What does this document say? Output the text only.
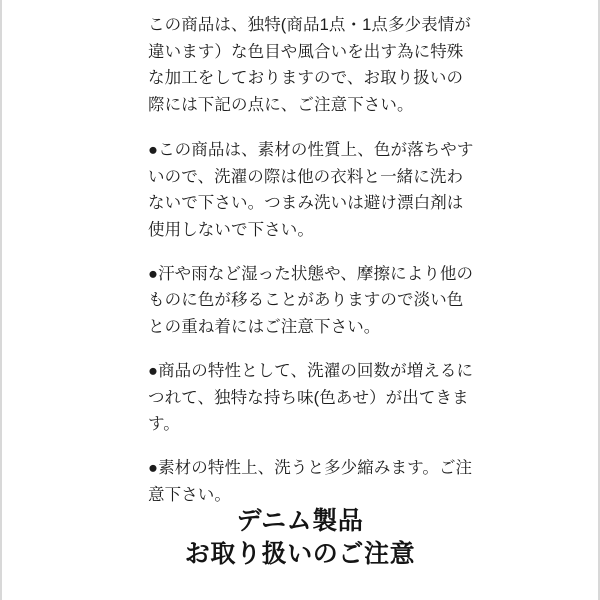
この商品は、独特(商品1点・1点多少表情が違います）な色目や風合いを出す為に特殊な加工をしておりますので、お取り扱いの際には下記の点に、ご注意下さい。

●この商品は、素材の性質上、色が落ちやすいので、洗濯の際は他の衣料と一緒に洗わないで下さい。つまみ洗いは避け漂白剤は使用しないで下さい。

●汗や雨など湿った状態や、摩擦により他のものに色が移ることがありますので淡い色との重ね着にはご注意下さい。

●商品の特性として、洗濯の回数が増えるにつれて、独特な持ち味(色あせ）が出てきます。

●素材の特性上、洗うと多少縮みます。ご注意下さい。

デニム製品
お取り扱いのご注意
